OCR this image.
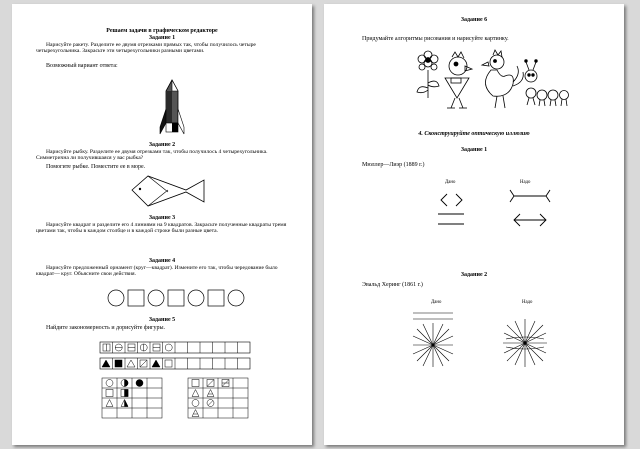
Решаем задачи в графическом редакторе
Задание 1
Нарисуйте ракету. Разделите ее двумя отрезками прямых так, чтобы получилось четыре четырехугольника. Закрасьте эти четырехугольники разными цветами.
Возможный вариант ответа:
Задание 2
Нарисуйте рыбку. Разделите ее двумя отрезками так, чтобы получилось 4 четырехугольника. Симметрична ли получившаяся у вас рыбка?
Помогите рыбке. Поместите ее в море.
Задание 3
Нарисуйте квадрат и разделите его 4 линиями на 9 квадратов. Закрасьте полученные квадраты тремя цветами так, чтобы в каждом столбце и в каждой строке были разные цвета.
Задание 4
Нарисуйте предложенный орнамент (круг—квадрат). Измените его так, чтобы чередование было квадрат— круг. Объясните свои действия.
Задание 5
Найдите закономерность и дорисуйте фигуры.
Задание 6
Придумайте алгоритмы рисования и нарисуйте картинку.
4. Сконструируйте оптическую иллюзию
Задание 1
Мюллер—Лиэр (1889 г.)
Дано	Надо
Задание 2
Эвальд Херинг (1861 г.)
Дано	Надо
